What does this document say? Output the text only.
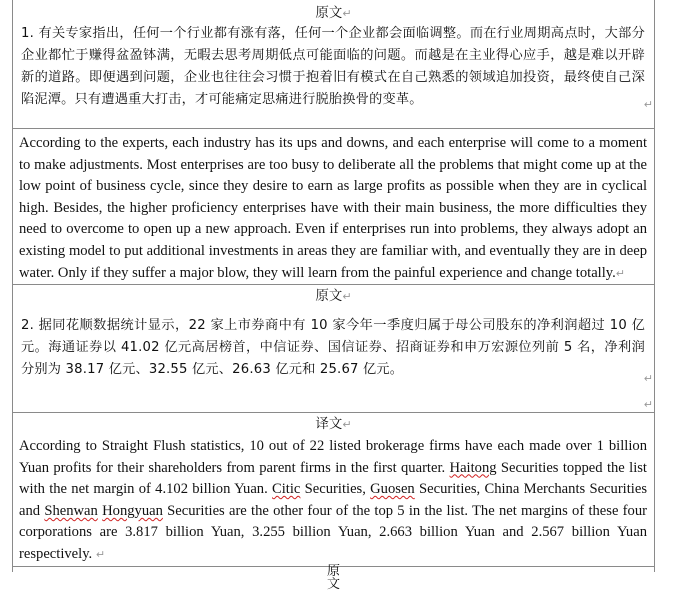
原文↵
1. 有关专家指出，任何一个行业都有涨有落，任何一个企业都会面临调整。而在行业周期高点时，大部分企业都忙于赚得盆盈钵满，无暇去思考周期低点可能面临的问题。而越是在主业得心应手，越是难以开辟新的道路。即便遇到问题，企业也往往会习惯于抱着旧有模式在自己熟悉的领域追加投资，最终使自己深陷泥潭。只有遭遇重大打击，才可能痛定思痛进行脱胎换骨的变革。	↵
According to the experts, each industry has its ups and downs, and each enterprise will come to a moment to make adjustments. Most enterprises are too busy to deliberate all the problems that might come up at the low point of business cycle, since they desire to earn as large profits as possible when they are in cyclical high. Besides, the higher proficiency enterprises have with their main business, the more difficulties they need to overcome to open up a new approach. Even if enterprises run into problems, they always adopt an existing model to put additional investments in areas they are familiar with, and eventually they are in deep water. Only if they suffer a major blow, they will learn from the painful experience and change totally.↵
原文↵
2. 据同花顺数据统计显示，22 家上市券商中有 10 家今年一季度归属于母公司股东的净利润超过 10 亿元。海通证券以 41.02 亿元高居榜首，中信证券、国信证券、招商证券和申万宏源位列前 5 名，净利润分别为 38.17 亿元、32.55 亿元、26.63 亿元和 25.67 亿元。
↵
↵
译文↵
According to Straight Flush statistics, 10 out of 22 listed brokerage firms have each made over 1 billion Yuan profits for their shareholders from parent firms in the first quarter. Haitong Securities topped the list with the net margin of 4.102 billion Yuan. Citic Securities, Guosen Securities, China Merchants Securities and Shenwan Hongyuan Securities are the other four of the top 5 in the list. The net margins of these four corporations are 3.817 billion Yuan, 3.255 billion Yuan, 2.663 billion Yuan and 2.567 billion Yuan respectively. ↵
原文
